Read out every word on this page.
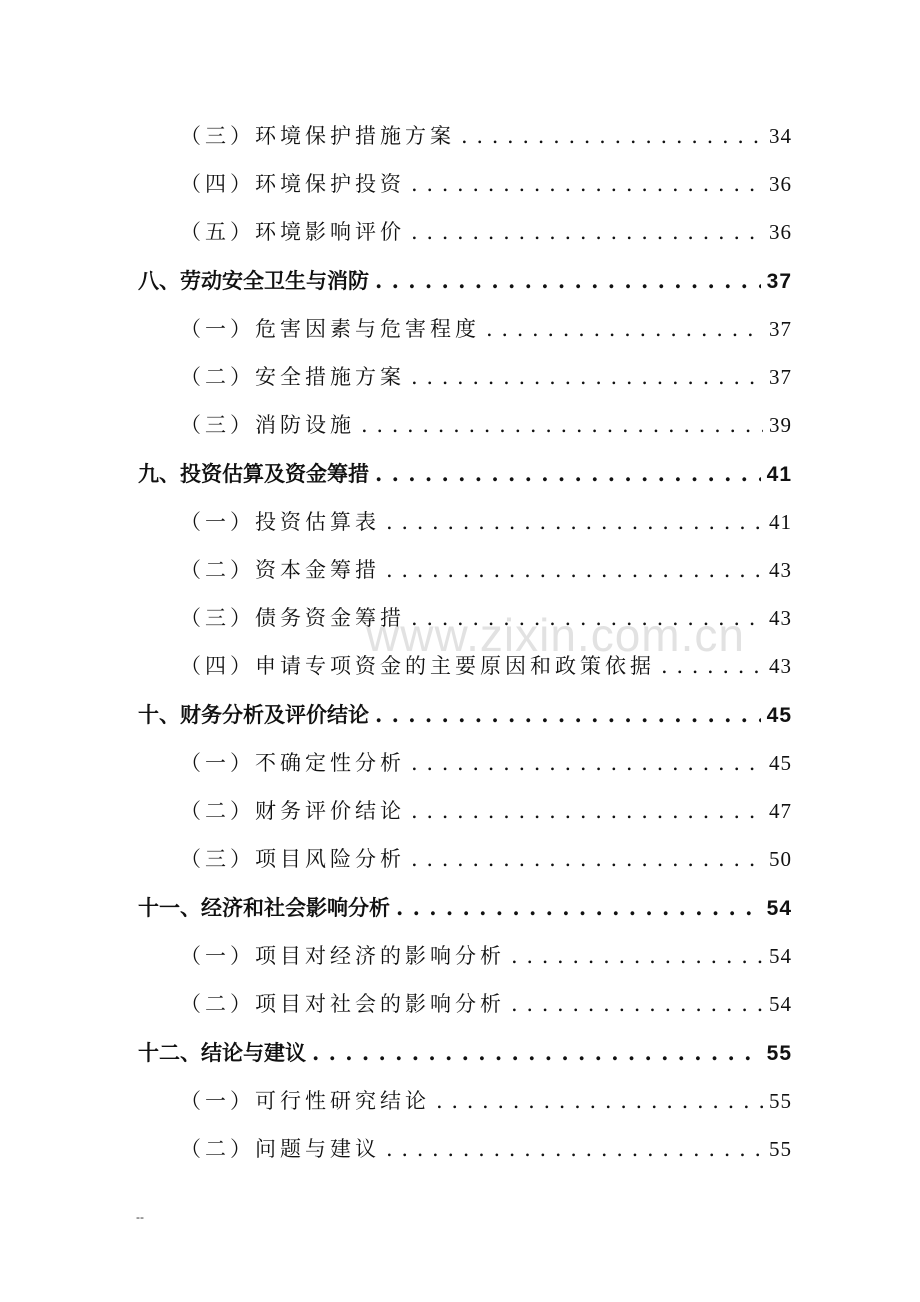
（三）环境保护措施方案 . . .	34
（四）环境保护投资 . . .	36
（五）环境影响评价 . . .	36
八、劳动安全卫生与消防 . . .	37
（一）危害因素与危害程度 . . .	37
（二）安全措施方案 . . .	37
（三）消防设施 . . .	39
九、投资估算及资金筹措 . . .	41
（一）投资估算表 . . .	41
（二）资本金筹措 . . .	43
（三）债务资金筹措 . . .	43
（四）申请专项资金的主要原因和政策依据 . . .	43
十、财务分析及评价结论 . . .	45
（一）不确定性分析 . . .	45
（二）财务评价结论 . . .	47
（三）项目风险分析 . . .	50
十一、经济和社会影响分析 . . .	54
（一）项目对经济的影响分析 . . .	54
（二）项目对社会的影响分析 . . .	54
十二、结论与建议 . . .	55
（一）可行性研究结论 . . .	55
（二）问题与建议 . . .	55
www.zixin.com.cn
--
